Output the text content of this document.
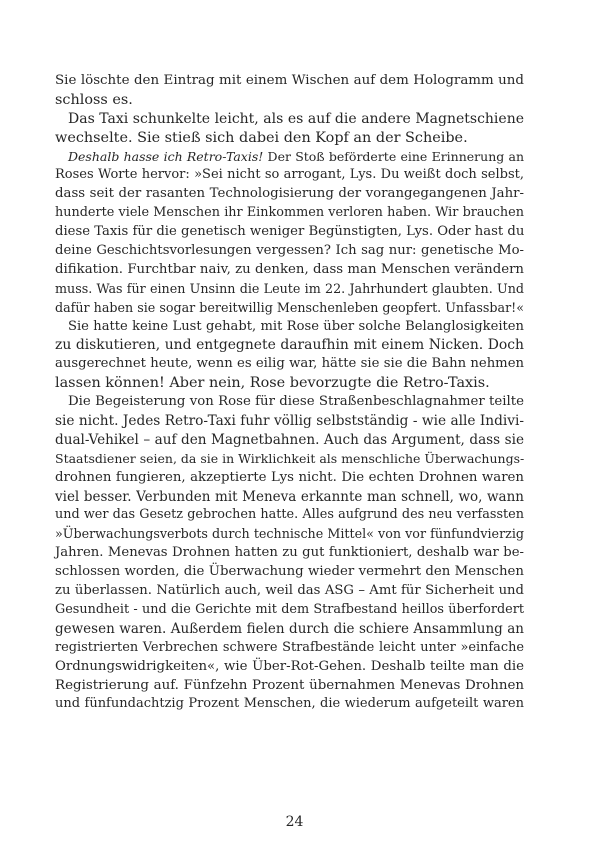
Sie löschte den Eintrag mit einem Wischen auf dem Hologramm und
schloss es.
Das Taxi schunkelte leicht, als es auf die andere Magnetschiene
wechselte. Sie stieß sich dabei den Kopf an der Scheibe.
Deshalb hasse ich Retro-Taxis! Der Stoß beförderte eine Erinnerung an
Roses Worte hervor: »Sei nicht so arrogant, Lys. Du weißt doch selbst,
dass seit der rasanten Technologisierung der vorangegangenen Jahr-
hunderte viele Menschen ihr Einkommen verloren haben. Wir brauchen
diese Taxis für die genetisch weniger Begünstigten, Lys. Oder hast du
deine Geschichtsvorlesungen vergessen? Ich sag nur: genetische Mo-
difikation. Furchtbar naiv, zu denken, dass man Menschen verändern
muss. Was für einen Unsinn die Leute im 22. Jahrhundert glaubten. Und
dafür haben sie sogar bereitwillig Menschenleben geopfert. Unfassbar!«
Sie hatte keine Lust gehabt, mit Rose über solche Belanglosigkeiten
zu diskutieren, und entgegnete daraufhin mit einem Nicken. Doch
ausgerechnet heute, wenn es eilig war, hätte sie sie die Bahn nehmen
lassen können! Aber nein, Rose bevorzugte die Retro-Taxis.
Die Begeisterung von Rose für diese Straßenbeschlagnahmer teilte
sie nicht. Jedes Retro-Taxi fuhr völlig selbstständig - wie alle Indivi-
dual-Vehikel – auf den Magnetbahnen. Auch das Argument, dass sie
Staatsdiener seien, da sie in Wirklichkeit als menschliche Überwachungs-
drohnen fungieren, akzeptierte Lys nicht. Die echten Drohnen waren
viel besser. Verbunden mit Meneva erkannte man schnell, wo, wann
und wer das Gesetz gebrochen hatte. Alles aufgrund des neu verfassten
»Überwachungsverbots durch technische Mittel« von vor fünfundvierzig
Jahren. Menevas Drohnen hatten zu gut funktioniert, deshalb war be-
schlossen worden, die Überwachung wieder vermehrt den Menschen
zu überlassen. Natürlich auch, weil das ASG – Amt für Sicherheit und
Gesundheit - und die Gerichte mit dem Strafbestand heillos überfordert
gewesen waren. Außerdem fielen durch die schiere Ansammlung an
registrierten Verbrechen schwere Strafbestände leicht unter »einfache
Ordnungswidrigkeiten«, wie Über-Rot-Gehen. Deshalb teilte man die
Registrierung auf. Fünfzehn Prozent übernahmen Menevas Drohnen
und fünfundachtzig Prozent Menschen, die wiederum aufgeteilt waren
24
